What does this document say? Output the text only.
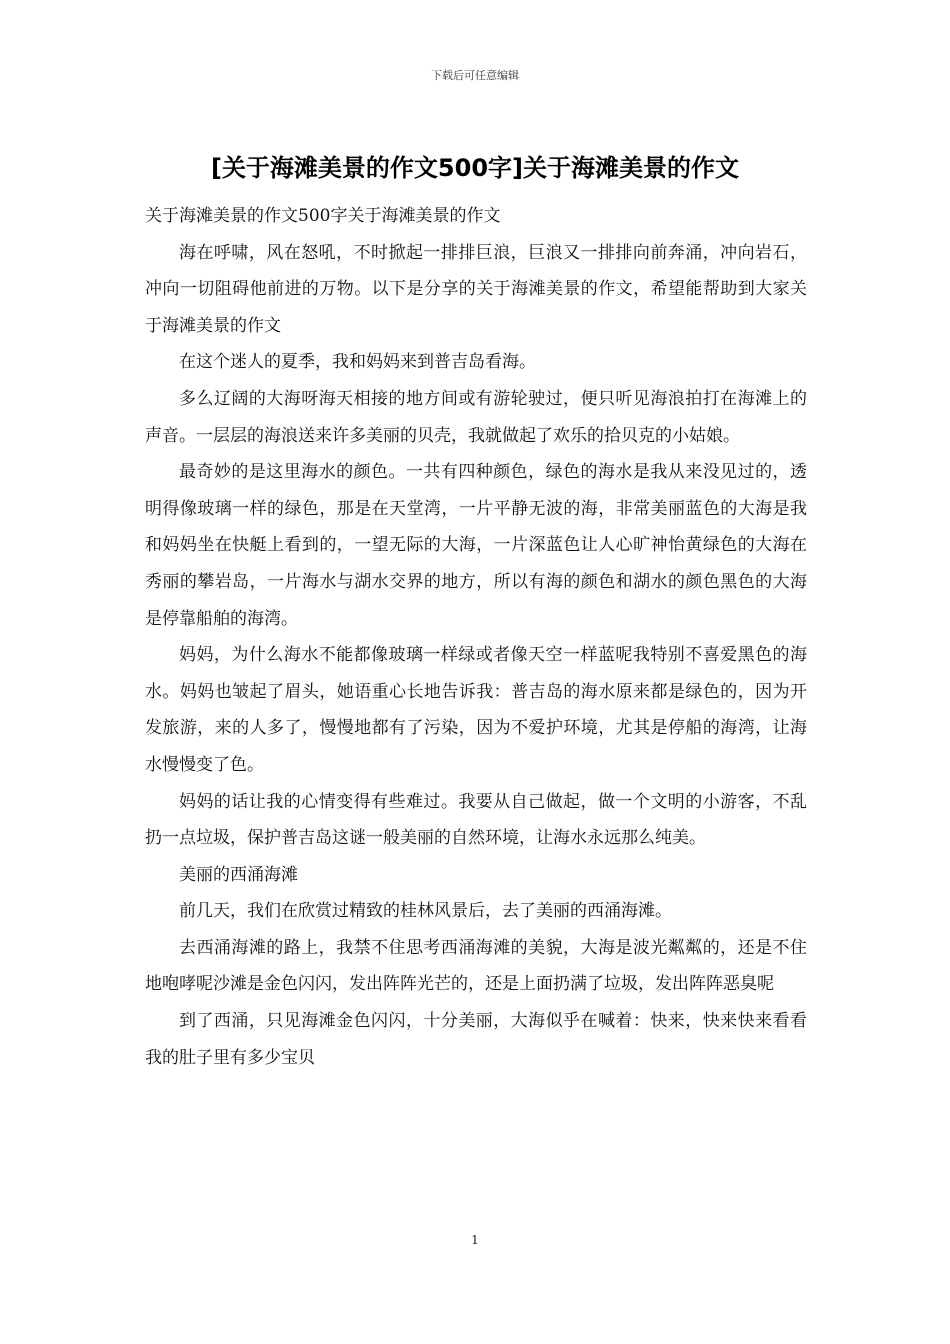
下载后可任意编辑
[关于海滩美景的作文500字]关于海滩美景的作文

关于海滩美景的作文500字关于海滩美景的作文

海在呼啸，风在怒吼，不时掀起一排排巨浪，巨浪又一排排向前奔涌，冲向岩石，冲向一切阻碍他前进的万物。以下是分享的关于海滩美景的作文，希望能帮助到大家关于海滩美景的作文

在这个迷人的夏季，我和妈妈来到普吉岛看海。

多么辽阔的大海呀海天相接的地方间或有游轮驶过，便只听见海浪拍打在海滩上的声音。一层层的海浪送来许多美丽的贝壳，我就做起了欢乐的拾贝克的小姑娘。

最奇妙的是这里海水的颜色。一共有四种颜色，绿色的海水是我从来没见过的，透明得像玻璃一样的绿色，那是在天堂湾，一片平静无波的海，非常美丽蓝色的大海是我和妈妈坐在快艇上看到的，一望无际的大海，一片深蓝色让人心旷神怡黄绿色的大海在秀丽的攀岩岛，一片海水与湖水交界的地方，所以有海的颜色和湖水的颜色黑色的大海是停靠船舶的海湾。

妈妈，为什么海水不能都像玻璃一样绿或者像天空一样蓝呢我特别不喜爱黑色的海水。妈妈也皱起了眉头，她语重心长地告诉我：普吉岛的海水原来都是绿色的，因为开发旅游，来的人多了，慢慢地都有了污染，因为不爱护环境，尤其是停船的海湾，让海水慢慢变了色。

妈妈的话让我的心情变得有些难过。我要从自己做起，做一个文明的小游客，不乱扔一点垃圾，保护普吉岛这谜一般美丽的自然环境，让海水永远那么纯美。

美丽的西涌海滩

前几天，我们在欣赏过精致的桂林风景后，去了美丽的西涌海滩。

去西涌海滩的路上，我禁不住思考西涌海滩的美貌，大海是波光粼粼的，还是不住地咆哮呢沙滩是金色闪闪，发出阵阵光芒的，还是上面扔满了垃圾，发出阵阵恶臭呢

到了西涌，只见海滩金色闪闪，十分美丽，大海似乎在喊着：快来，快来快来看看我的肚子里有多少宝贝

1
